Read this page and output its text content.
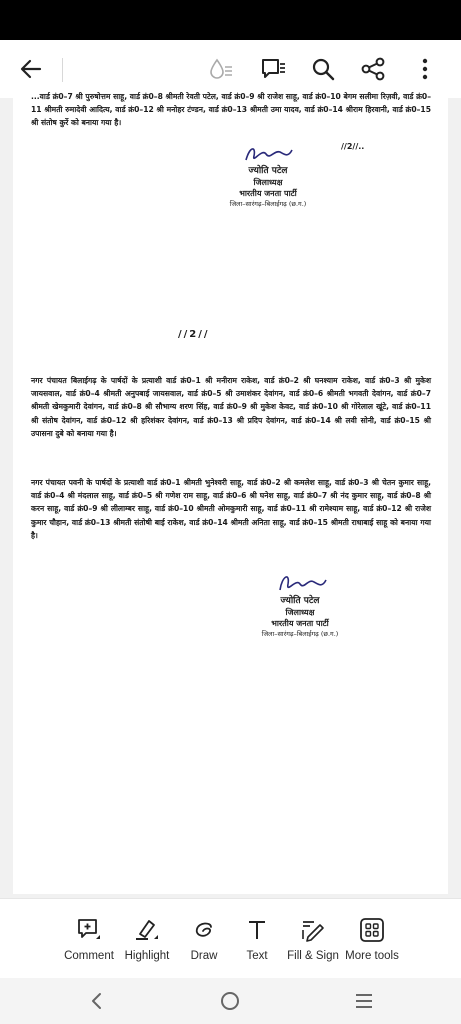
...वार्ड क्रं0–7 श्री पुरुषोत्तम साहू, वार्ड क्रं0–8 श्रीमती रेवती पटेल, वार्ड क्रं0–9 श्री राजेश साहू, वार्ड क्रं0–10 बेगम सलीमा रिज़वी, वार्ड क्रं0–11 श्रीमती रुमादेवी आदित्य, वार्ड क्रं0–12 श्री मनोहर टंण्डन, वार्ड क्रं0–13 श्रीमती उमा यादव, वार्ड क्रं0–14 श्रीराम हिरवानी, वार्ड क्रं0–15 श्री संतोष कुर्रे को बनाया गया है।
//2//..
ज्योति पटेल
जिलाध्यक्ष
भारतीय जनता पार्टी
जिला–सारंगढ़–बिलाईगढ़ (छ.ग.)
//2//
नगर पंचायत बिलाईगढ़ के पार्षदों के प्रत्याशी वार्ड क्रं0–1 श्री मनीराम राकेश, वार्ड क्रं0–2 श्री घनश्याम राकेश, वार्ड क्रं0–3 श्री मुकेश जायसवाल, वार्ड क्रं0–4 श्रीमती अनुपबाई जायसवाल, वार्ड क्रं0–5 श्री उमाशंकर देवांगन, वार्ड क्रं0–6 श्रीमती भगवती देवांगन, वार्ड क्रं0–7 श्रीमती खेमकुमारी देवांगन, वार्ड क्रं0–8 श्री सौभाग्य शरण सिंह, वार्ड क्रं0–9 श्री मुकेश केवट, वार्ड क्रं0–10 श्री गोरेलाल खूंटे, वार्ड क्रं0–11 श्री संतोष देवांगन, वार्ड क्रं0–12 श्री हरिशंकर देवांगन, वार्ड क्रं0–13 श्री प्रदिप देवांगन, वार्ड क्रं0–14 श्री लवी सोनी, वार्ड क्रं0–15 श्री उपासना दुबे को बनाया गया है।
नगर पंचायत पवनी के पार्षदों के प्रत्याशी वार्ड क्रं0–1 श्रीमती भुनेश्वरी साहू, वार्ड क्रं0–2 श्री कमलेश साहू, वार्ड क्रं0–3 श्री चेतन कुमार साहू, वार्ड क्रं0–4 श्री मंदलाल साहू, वार्ड क्रं0–5 श्री गणेश राम साहू, वार्ड क्रं0–6 श्री घनेश साहू, वार्ड क्रं0–7 श्री नंद कुमार साहू, वार्ड क्रं0–8 श्री करन साहू, वार्ड क्रं0–9 श्री लीलाम्बर साहू, वार्ड क्रं0–10 श्रीमती ओमकुमारी साहू, वार्ड क्रं0–11 श्री रामेश्याम साहू, वार्ड क्रं0–12 श्री राजेश कुमार चौहान, वार्ड क्रं0–13 श्रीमती संतोषी बाई राकेश, वार्ड क्रं0–14 श्रीमती अनिता साहू, वार्ड क्रं0–15 श्रीमती राधाबाई साहू को बनाया गया है।
ज्योति पटेल
जिलाध्यक्ष
भारतीय जनता पार्टी
जिला–सारंगढ़–बिलाईगढ़ (छ.ग.)
Comment Highlight	Draw	Text	Fill & Sign More tools
